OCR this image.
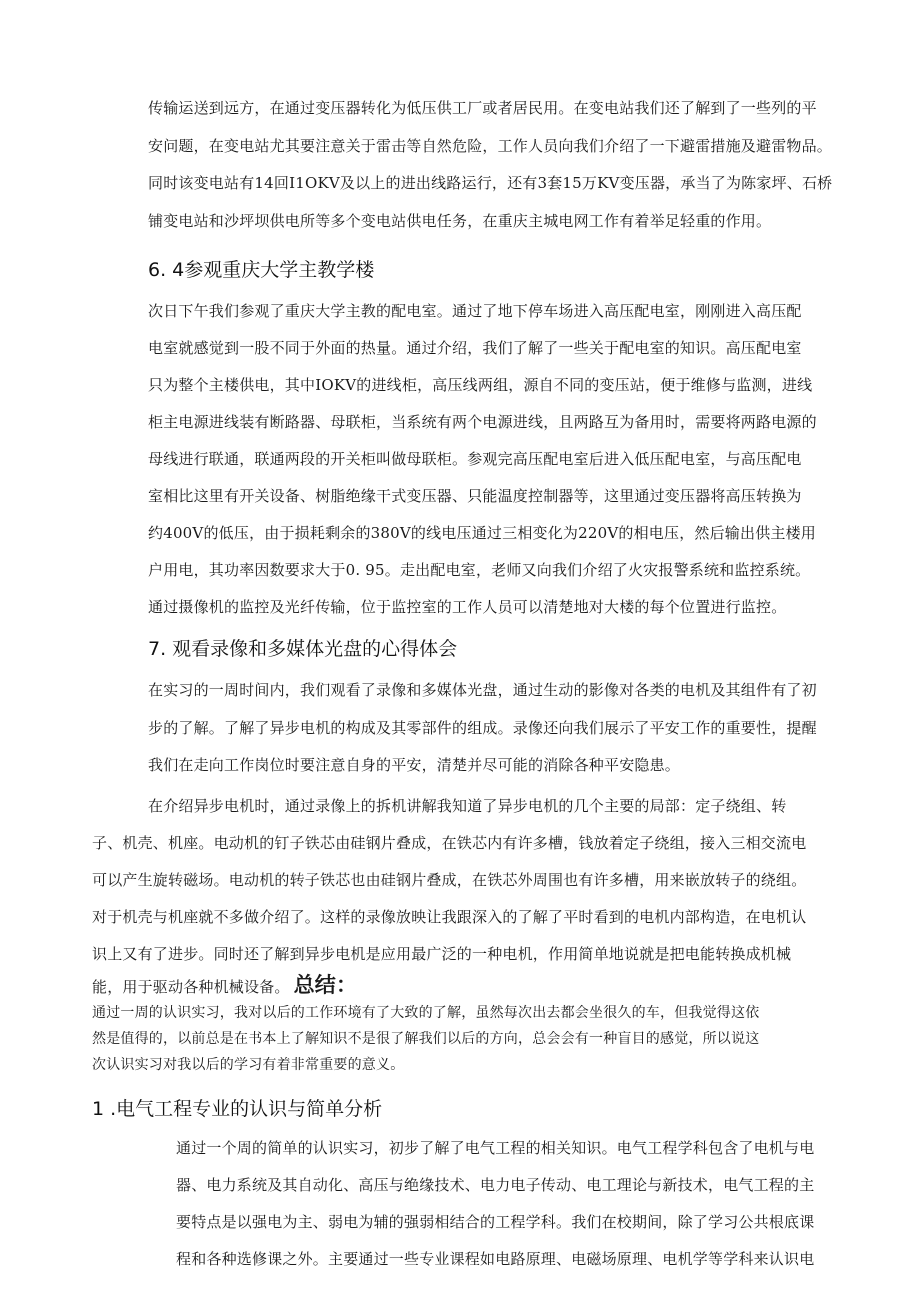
传输运送到远方，在通过变压器转化为低压供工厂或者居民用。在变电站我们还了解到了一些列的平
安问题，在变电站尤其要注意关于雷击等自然危险，工作人员向我们介绍了一下避雷措施及避雷物品。
同时该变电站有14回I1OKV及以上的进出线路运行，还有3套15万KV变压器，承当了为陈家坪、石桥
铺变电站和沙坪坝供电所等多个变电站供电任务，在重庆主城电网工作有着举足轻重的作用。
6. 4参观重庆大学主教学楼
次日下午我们参观了重庆大学主教的配电室。通过了地下停车场进入高压配电室，刚刚进入高压配
电室就感觉到一股不同于外面的热量。通过介绍，我们了解了一些关于配电室的知识。高压配电室
只为整个主楼供电，其中IOKV的进线柜，高压线两组，源自不同的变压站，便于维修与监测，进线
柜主电源进线装有断路器、母联柜，当系统有两个电源进线，且两路互为备用时，需要将两路电源的
母线进行联通，联通两段的开关柜叫做母联柜。参观完高压配电室后进入低压配电室，与高压配电
室相比这里有开关设备、树脂绝缘干式变压器、只能温度控制器等，这里通过变压器将高压转换为
约400V的低压，由于损耗剩余的380V的线电压通过三相变化为220V的相电压，然后输出供主楼用
户用电，其功率因数要求大于0. 95。走出配电室，老师又向我们介绍了火灾报警系统和监控系统。
通过摄像机的监控及光纤传输，位于监控室的工作人员可以清楚地对大楼的每个位置进行监控。
7. 观看录像和多媒体光盘的心得体会
在实习的一周时间内，我们观看了录像和多媒体光盘，通过生动的影像对各类的电机及其组件有了初
步的了解。了解了异步电机的构成及其零部件的组成。录像还向我们展示了平安工作的重要性，提醒
我们在走向工作岗位时要注意自身的平安，清楚并尽可能的消除各种平安隐患。
在介绍异步电机时，通过录像上的拆机讲解我知道了异步电机的几个主要的局部：定子绕组、转
子、机壳、机座。电动机的钉子铁芯由硅钢片叠成，在铁芯内有许多槽，钱放着定子绕组，接入三相交流电
可以产生旋转磁场。电动机的转子铁芯也由硅钢片叠成，在铁芯外周围也有许多槽，用来嵌放转子的绕组。
对于机壳与机座就不多做介绍了。这样的录像放映让我跟深入的了解了平时看到的电机内部构造，在电机认
识上又有了进步。同时还了解到异步电机是应用最广泛的一种电机，作用简单地说就是把电能转换成机械
能，用于驱动各种机械设备。 总结：
通过一周的认识实习，我对以后的工作环境有了大致的了解，虽然每次出去都会坐很久的车，但我觉得这依
然是值得的，以前总是在书本上了解知识不是很了解我们以后的方向，总会会有一种盲目的感觉，所以说这
次认识实习对我以后的学习有着非常重要的意义。
1 .电气工程专业的认识与简单分析
通过一个周的简单的认识实习，初步了解了电气工程的相关知识。电气工程学科包含了电机与电
器、电力系统及其自动化、高压与绝缘技术、电力电子传动、电工理论与新技术，电气工程的主
要特点是以强电为主、弱电为辅的强弱相结合的工程学科。我们在校期间，除了学习公共根底课
程和各种选修课之外。主要通过一些专业课程如电路原理、电磁场原理、电机学等学科来认识电
